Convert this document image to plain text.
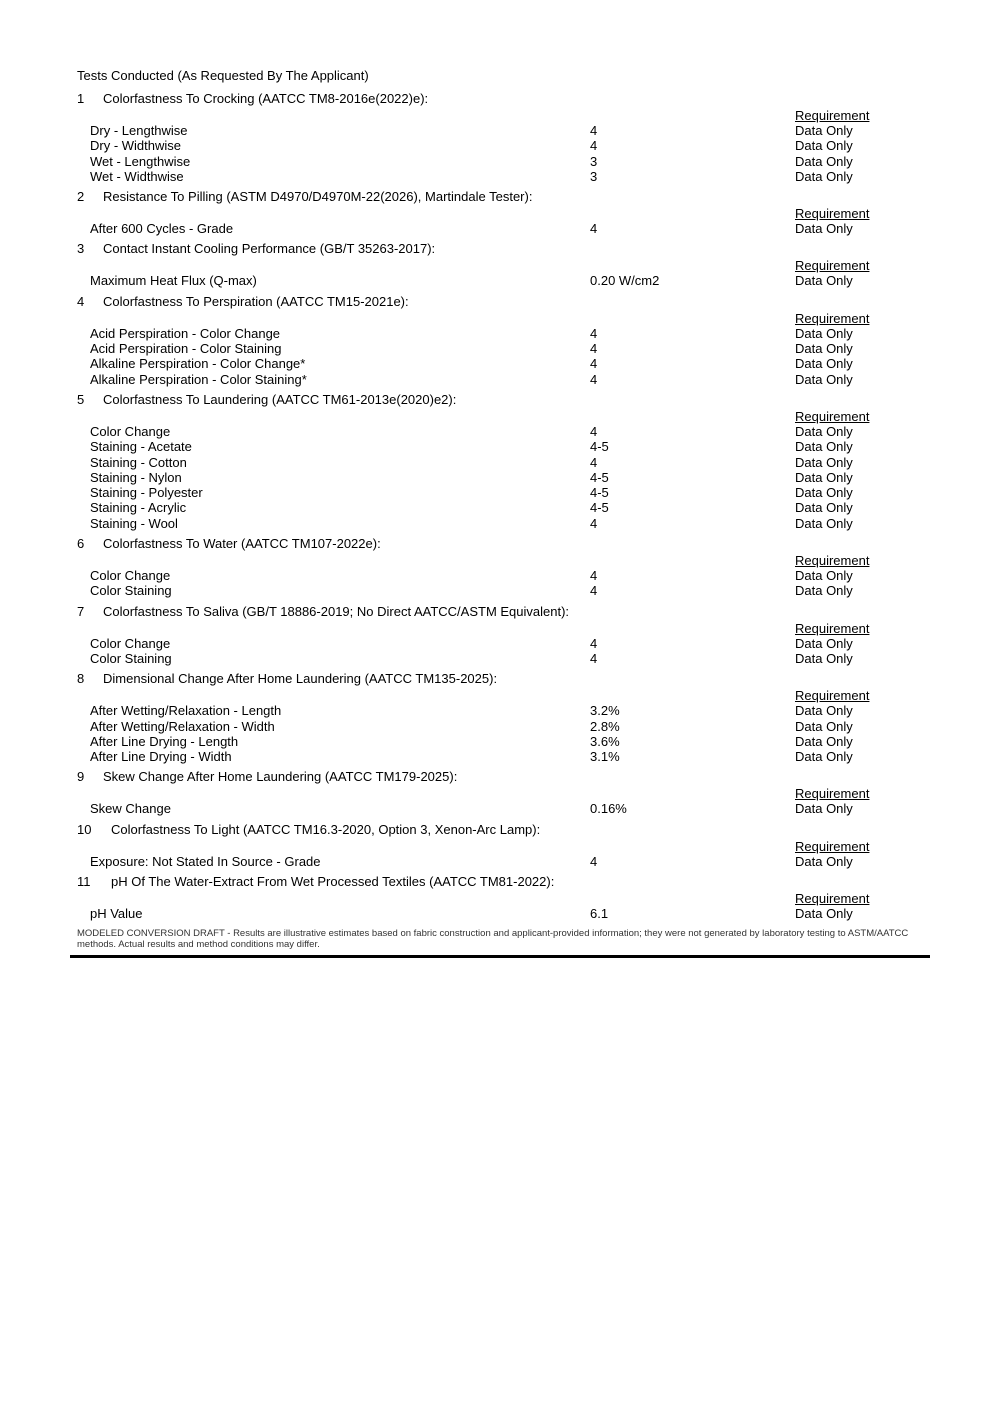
Tests Conducted (As Requested By The Applicant)
1	Colorfastness To Crocking (AATCC TM8-2016e(2022)e):
Requirement
Dry - Lengthwise	4	Data Only
Dry - Widthwise	4	Data Only
Wet - Lengthwise	3	Data Only
Wet - Widthwise	3	Data Only
2	Resistance To Pilling (ASTM D4970/D4970M-22(2026), Martindale Tester):
Requirement
After 600 Cycles - Grade	4	Data Only
3	Contact Instant Cooling Performance (GB/T 35263-2017):
Requirement
Maximum Heat Flux (Q-max)	0.20 W/cm2	Data Only
4	Colorfastness To Perspiration (AATCC TM15-2021e):
Requirement
Acid Perspiration - Color Change	4	Data Only
Acid Perspiration - Color Staining	4	Data Only
Alkaline Perspiration - Color Change*	4	Data Only
Alkaline Perspiration - Color Staining*	4	Data Only
5	Colorfastness To Laundering (AATCC TM61-2013e(2020)e2):
Requirement
Color Change	4	Data Only
Staining - Acetate	4-5	Data Only
Staining - Cotton	4	Data Only
Staining - Nylon	4-5	Data Only
Staining - Polyester	4-5	Data Only
Staining - Acrylic	4-5	Data Only
Staining - Wool	4	Data Only
6	Colorfastness To Water (AATCC TM107-2022e):
Requirement
Color Change	4	Data Only
Color Staining	4	Data Only
7	Colorfastness To Saliva (GB/T 18886-2019; No Direct AATCC/ASTM Equivalent):
Requirement
Color Change	4	Data Only
Color Staining	4	Data Only
8	Dimensional Change After Home Laundering (AATCC TM135-2025):
Requirement
After Wetting/Relaxation - Length	3.2%	Data Only
After Wetting/Relaxation - Width	2.8%	Data Only
After Line Drying - Length	3.6%	Data Only
After Line Drying - Width	3.1%	Data Only
9	Skew Change After Home Laundering (AATCC TM179-2025):
Requirement
Skew Change	0.16%	Data Only
10	Colorfastness To Light (AATCC TM16.3-2020, Option 3, Xenon-Arc Lamp):
Requirement
Exposure: Not Stated In Source - Grade	4	Data Only
11	pH Of The Water-Extract From Wet Processed Textiles (AATCC TM81-2022):
Requirement
pH Value	6.1	Data Only
MODELED CONVERSION DRAFT - Results are illustrative estimates based on fabric construction and applicant-provided information; they were not generated by laboratory testing to ASTM/AATCC methods. Actual results and method conditions may differ.
